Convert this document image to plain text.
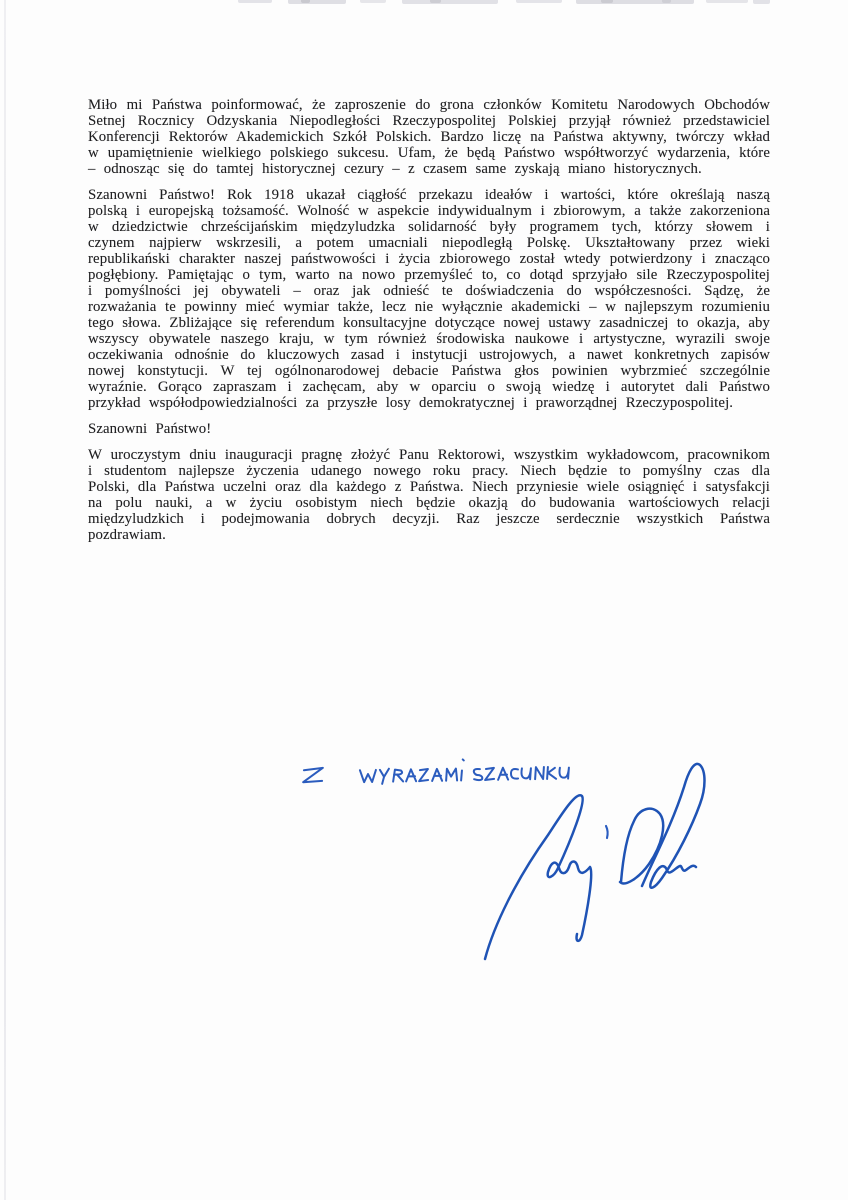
Miło mi Państwa poinformować, że zaproszenie do grona członków Komitetu Narodowych Obchodów Setnej Rocznicy Odzyskania Niepodległości Rzeczypospolitej Polskiej przyjął również przedstawiciel Konferencji Rektorów Akademickich Szkół Polskich. Bardzo liczę na Państwa aktywny, twórczy wkład w upamiętnienie wielkiego polskiego sukcesu. Ufam, że będą Państwo współtworzyć wydarzenia, które – odnosząc się do tamtej historycznej cezury – z czasem same zyskają miano historycznych.

Szanowni Państwo! Rok 1918 ukazał ciągłość przekazu ideałów i wartości, które określają naszą polską i europejską tożsamość. Wolność w aspekcie indywidualnym i zbiorowym, a także zakorzeniona w dziedzictwie chrześcijańskim międzyludzka solidarność były programem tych, którzy słowem i czynem najpierw wskrzesili, a potem umacniali niepodległą Polskę. Ukształtowany przez wieki republikański charakter naszej państwowości i życia zbiorowego został wtedy potwierdzony i znacząco pogłębiony. Pamiętając o tym, warto na nowo przemyśleć to, co dotąd sprzyjało sile Rzeczypospolitej i pomyślności jej obywateli – oraz jak odnieść te doświadczenia do współczesności. Sądzę, że rozważania te powinny mieć wymiar także, lecz nie wyłącznie akademicki – w najlepszym rozumieniu tego słowa. Zbliżające się referendum konsultacyjne dotyczące nowej ustawy zasadniczej to okazja, aby wszyscy obywatele naszego kraju, w tym również środowiska naukowe i artystyczne, wyrazili swoje oczekiwania odnośnie do kluczowych zasad i instytucji ustrojowych, a nawet konkretnych zapisów nowej konstytucji. W tej ogólnonarodowej debacie Państwa głos powinien wybrzmieć szczególnie wyraźnie. Gorąco zapraszam i zachęcam, aby w oparciu o swoją wiedzę i autorytet dali Państwo przykład współodpowiedzialności za przyszłe losy demokratycznej i praworządnej Rzeczypospolitej.

Szanowni Państwo!

W uroczystym dniu inauguracji pragnę złożyć Panu Rektorowi, wszystkim wykładowcom, pracownikom i studentom najlepsze życzenia udanego nowego roku pracy. Niech będzie to pomyślny czas dla Polski, dla Państwa uczelni oraz dla każdego z Państwa. Niech przyniesie wiele osiągnięć i satysfakcji na polu nauki, a w życiu osobistym niech będzie okazją do budowania wartościowych relacji międzyludzkich i podejmowania dobrych decyzji. Raz jeszcze serdecznie wszystkich Państwa pozdrawiam.
